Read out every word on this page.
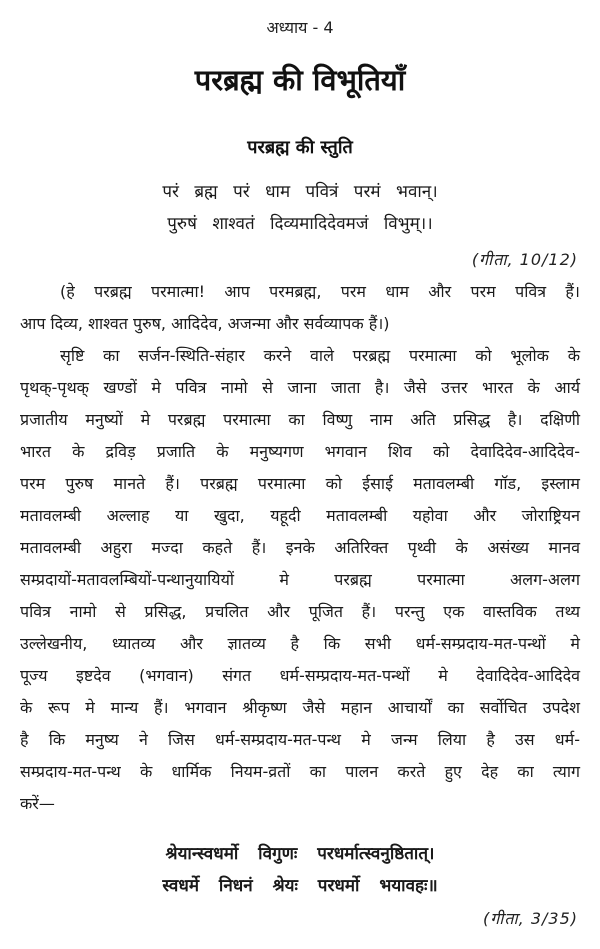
अध्याय - 4
परब्रह्म की विभूतियाँ
परब्रह्म की स्तुति
परं ब्रह्म परं धाम पवित्रं परमं भवान्।
पुरुषं शाश्वतं दिव्यमादिदेवमजं विभुम्।।
(गीता, 10/12)
(हे परब्रह्म परमात्मा! आप परमब्रह्म, परम धाम और परम पवित्र हैं।
आप दिव्य, शाश्वत पुरुष, आदिदेव, अजन्मा और सर्वव्यापक हैं।)
सृष्टि का सर्जन-स्थिति-संहार करने वाले परब्रह्म परमात्मा को भूलोक के
पृथक्-पृथक् खण्डों मे पवित्र नामो से जाना जाता है। जैसे उत्तर भारत के आर्य
प्रजातीय मनुष्यों मे परब्रह्म परमात्मा का विष्णु नाम अति प्रसिद्ध है। दक्षिणी
भारत के द्रविड़ प्रजाति के मनुष्यगण भगवान शिव को देवादिदेव-आदिदेव-
परम पुरुष मानते हैं। परब्रह्म परमात्मा को ईसाई मतावलम्बी गॉड, इस्लाम
मतावलम्बी अल्लाह या खुदा, यहूदी मतावलम्बी यहोवा और जोराष्ट्रियन
मतावलम्बी अहुरा मज्दा कहते हैं। इनके अतिरिक्त पृथ्वी के असंख्य मानव
सम्प्रदायों-मतावलम्बियों-पन्थानुयायियों मे परब्रह्म परमात्मा अलग-अलग
पवित्र नामो से प्रसिद्ध, प्रचलित और पूजित हैं। परन्तु एक वास्तविक तथ्य
उल्लेखनीय, ध्यातव्य और ज्ञातव्य है कि सभी धर्म-सम्प्रदाय-मत-पन्थों मे
पूज्य इष्टदेव (भगवान) संगत धर्म-सम्प्रदाय-मत-पन्थों मे देवादिदेव-आदिदेव
के रूप मे मान्य हैं। भगवान श्रीकृष्ण जैसे महान आचार्यों का सर्वोचित उपदेश
है कि मनुष्य ने जिस धर्म-सम्प्रदाय-मत-पन्थ मे जन्म लिया है उस धर्म-
सम्प्रदाय-मत-पन्थ के धार्मिक नियम-व्रतों का पालन करते हुए देह का त्याग
करें—
श्रेयान्स्वधर्मो विगुणः परधर्मात्स्वनुष्ठितात्।
स्वधर्मे निधनं श्रेयः परधर्मो भयावहः॥
(गीता, 3/35)
